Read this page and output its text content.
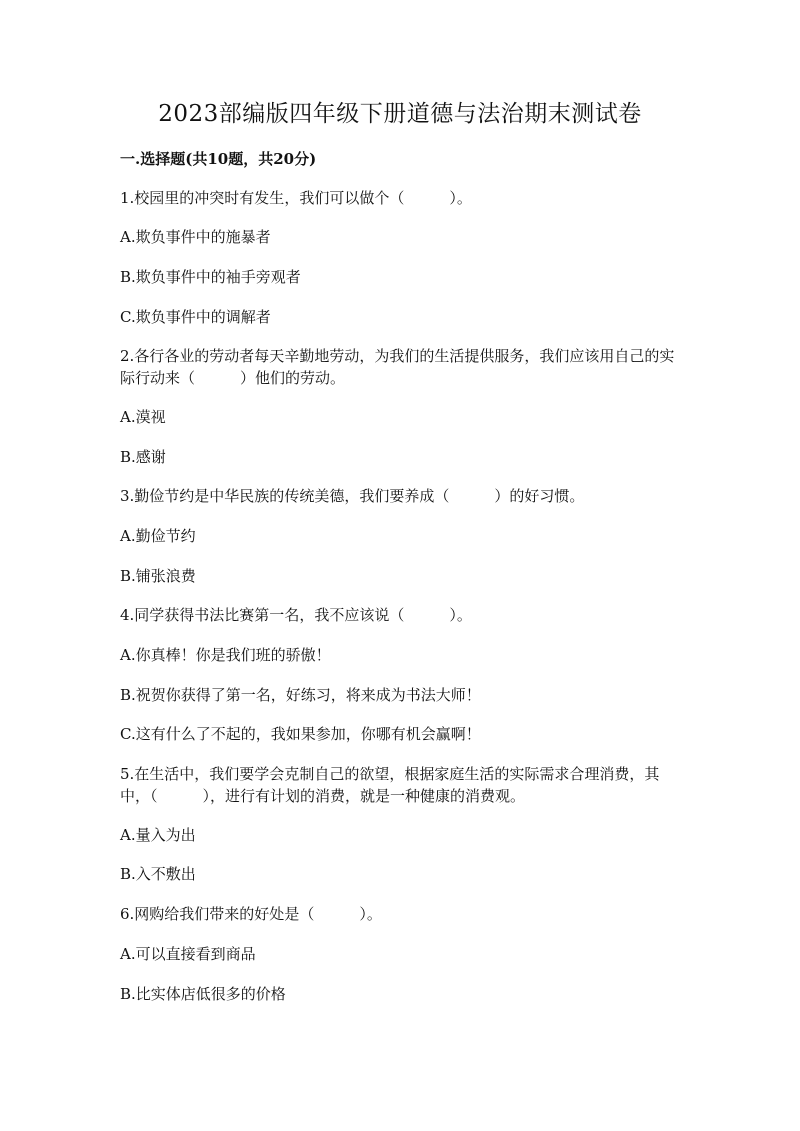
2023部编版四年级下册道德与法治期末测试卷
一.选择题(共10题，共20分)
1.校园里的冲突时有发生，我们可以做个（　　　）。
A.欺负事件中的施暴者
B.欺负事件中的袖手旁观者
C.欺负事件中的调解者
2.各行各业的劳动者每天辛勤地劳动，为我们的生活提供服务，我们应该用自己的实际行动来（　　　）他们的劳动。
A.漠视
B.感谢
3.勤俭节约是中华民族的传统美德，我们要养成（　　　）的好习惯。
A.勤俭节约
B.铺张浪费
4.同学获得书法比赛第一名，我不应该说（　　　）。
A.你真棒！你是我们班的骄傲！
B.祝贺你获得了第一名，好练习，将来成为书法大师！
C.这有什么了不起的，我如果参加，你哪有机会赢啊！
5.在生活中，我们要学会克制自己的欲望，根据家庭生活的实际需求合理消费，其中，（　　　），进行有计划的消费，就是一种健康的消费观。
A.量入为出
B.入不敷出
6.网购给我们带来的好处是（　　　）。
A.可以直接看到商品
B.比实体店低很多的价格
